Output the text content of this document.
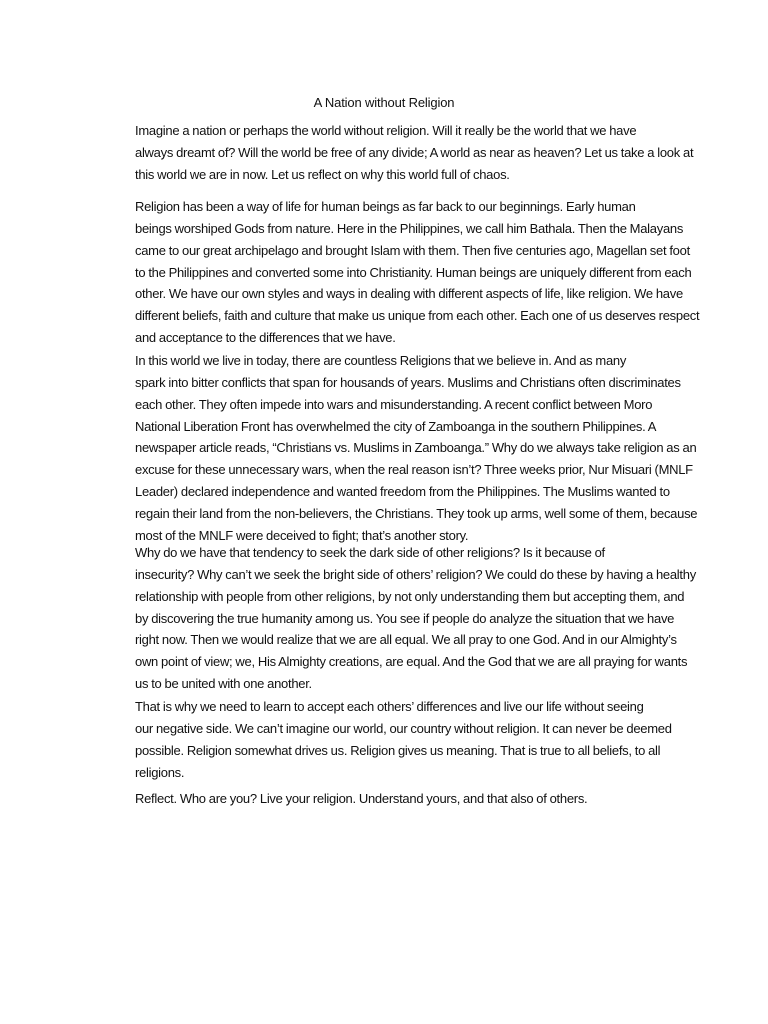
A Nation without Religion

Imagine a nation or perhaps the world without religion. Will it really be the world that we have
always dreamt of? Will the world be free of any divide; A world as near as heaven? Let us take a look at
this world we are in now. Let us reflect on why this world full of chaos.

Religion has been a way of life for human beings as far back to our beginnings. Early human
beings worshiped Gods from nature. Here in the Philippines, we call him Bathala. Then the Malayans
came to our great archipelago and brought Islam with them. Then five centuries ago, Magellan set foot
to the Philippines and converted some into Christianity. Human beings are uniquely different from each
other. We have our own styles and ways in dealing with different aspects of life, like religion. We have
different beliefs, faith and culture that make us unique from each other. Each one of us deserves respect
and acceptance to the differences that we have.

In this world we live in today, there are countless Religions that we believe in. And as many
spark into bitter conflicts that span for housands of years. Muslims and Christians often discriminates
each other. They often impede into wars and misunderstanding. A recent conflict between Moro
National Liberation Front has overwhelmed the city of Zamboanga in the southern Philippines. A
newspaper article reads, “Christians vs. Muslims in Zamboanga.” Why do we always take religion as an
excuse for these unnecessary wars, when the real reason isn’t? Three weeks prior, Nur Misuari (MNLF
Leader) declared independence and wanted freedom from the Philippines. The Muslims wanted to
regain their land from the non-believers, the Christians. They took up arms, well some of them, because
most of the MNLF were deceived to fight; that’s another story.

Why do we have that tendency to seek the dark side of other religions? Is it because of
insecurity? Why can’t we seek the bright side of others’ religion? We could do these by having a healthy
relationship with people from other religions, by not only understanding them but accepting them, and
by discovering the true humanity among us. You see if people do analyze the situation that we have
right now. Then we would realize that we are all equal. We all pray to one God. And in our Almighty’s
own point of view; we, His Almighty creations, are equal. And the God that we are all praying for wants
us to be united with one another.

That is why we need to learn to accept each others’ differences and live our life without seeing
our negative side. We can’t imagine our world, our country without religion. It can never be deemed
possible. Religion somewhat drives us. Religion gives us meaning. That is true to all beliefs, to all
religions.

Reflect. Who are you? Live your religion. Understand yours, and that also of others.
